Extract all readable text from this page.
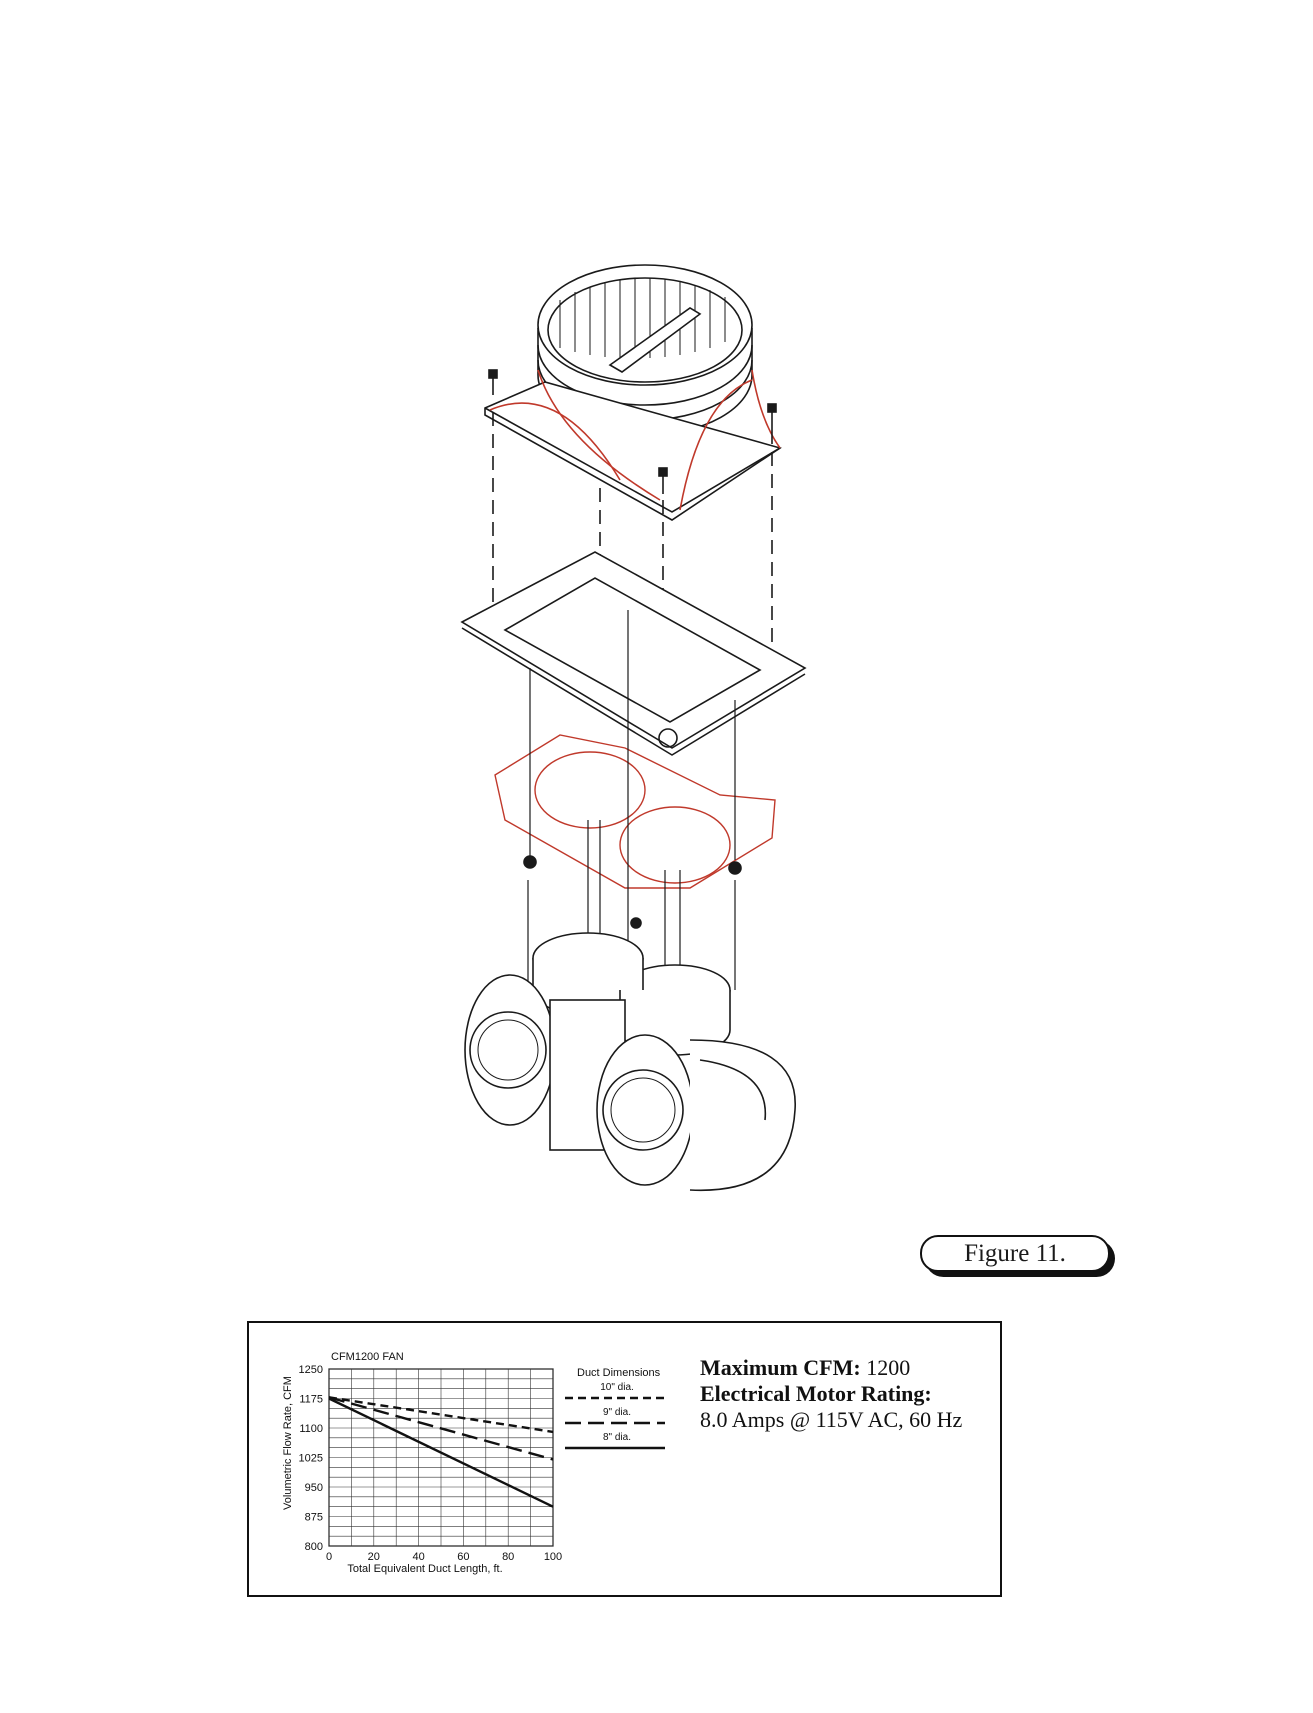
Figure 11.
CFM1200 FAN
Volumetric Flow Rate, CFM
Total Equivalent Duct Length, ft.
800
875
950
1025
1100
1175
1250
0	20	40	60	80	100
Duct Dimensions
10" dia.
9" dia.
8" dia.
Maximum CFM: 1200
Electrical Motor Rating:
8.0 Amps @ 115V AC, 60 Hz
